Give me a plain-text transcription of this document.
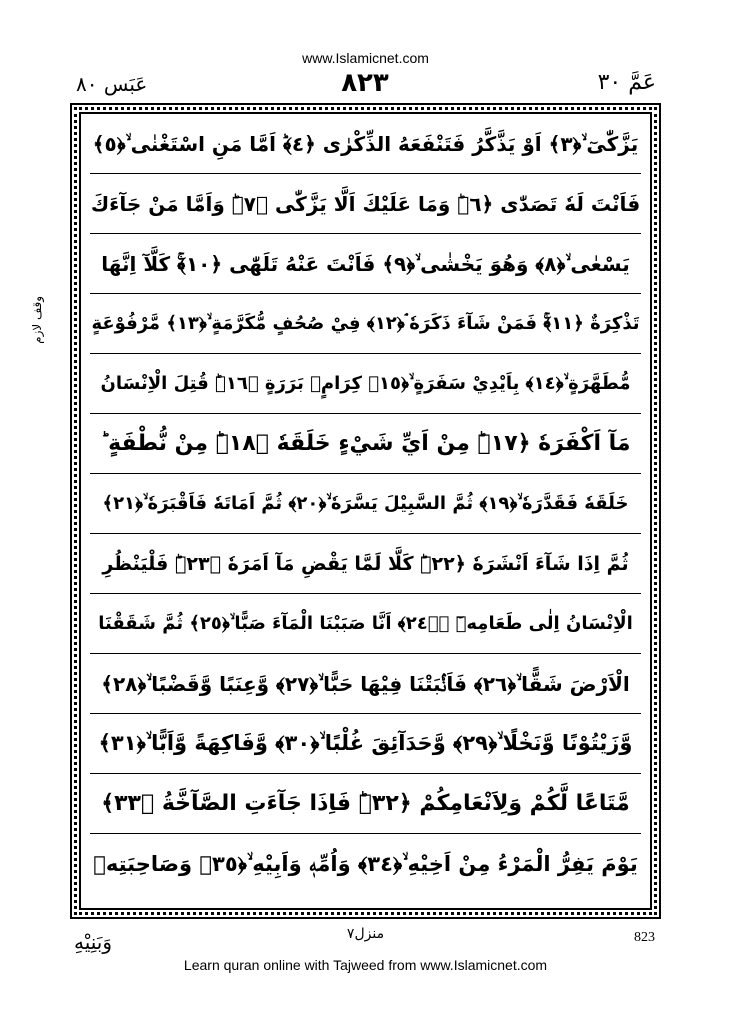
www.Islamicnet.com
عَبَس ٨٠	٨٢٣	عَمَّ ٣٠
وقف لازم
يَزَّكّٰىٓ ۙ﴿٣﴾ اَوْ يَذَّكَّرُ فَتَنْفَعَهُ الذِّكْرٰى ﴿٤﴾ؕ اَمَّا مَنِ اسْتَغْنٰى ۙ﴿٥﴾
فَاَنْتَ لَهٗ تَصَدّٰى ﴿٦﴾ؕ وَمَا عَلَيْكَ اَلَّا يَزَّكّٰى ﴿٧﴾ؕ وَاَمَّا مَنْ جَآءَكَ
يَسْعٰى ۙ﴿٨﴾ وَهُوَ يَخْشٰى ۙ﴿٩﴾ فَاَنْتَ عَنْهُ تَلَهّٰى ﴿١٠﴾ۚ كَلَّآ اِنَّهَا
تَذْكِرَةٌ ﴿١١﴾ۚ فَمَنْ شَآءَ ذَكَرَهٗ ۘ﴿١٢﴾ فِيْ صُحُفٍ مُّكَرَّمَةٍ ۙ﴿١٣﴾ مَّرْفُوْعَةٍ
مُّطَهَّرَةٍ ۙ﴿١٤﴾ بِاَيْدِيْ سَفَرَةٍ ۙ﴿١٥﴾ كِرَامٍۭ بَرَرَةٍ ﴿١٦﴾ؕ قُتِلَ الْاِنْسَانُ
مَآ اَكْفَرَهٗ ﴿١٧﴾ؕ مِنْ اَيِّ شَيْءٍ خَلَقَهٗ ﴿١٨﴾ؕ مِنْ نُّطْفَةٍ ؕ
خَلَقَهٗ فَقَدَّرَهٗ ۙ﴿١٩﴾ ثُمَّ السَّبِيْلَ يَسَّرَهٗ ۙ﴿٢٠﴾ ثُمَّ اَمَاتَهٗ فَاَقْبَرَهٗ ۙ﴿٢١﴾
ثُمَّ اِذَا شَآءَ اَنْشَرَهٗ ﴿٢٢﴾ؕ كَلَّا لَمَّا يَقْضِ مَآ اَمَرَهٗ ﴿٢٣﴾ؕ فَلْيَنْظُرِ
الْاِنْسَانُ اِلٰى طَعَامِهٖٓ ۙ﴿٢٤﴾ اَنَّا صَبَبْنَا الْمَآءَ صَبًّا ۙ﴿٢٥﴾ ثُمَّ شَقَقْنَا
الْاَرْضَ شَقًّا ۙ﴿٢٦﴾ فَاَنْۢبَتْنَا فِيْهَا حَبًّا ۙ﴿٢٧﴾ وَّعِنَبًا وَّقَضْبًا ۙ﴿٢٨﴾
وَّزَيْتُوْنًا وَّنَخْلًا ۙ﴿٢٩﴾ وَّحَدَآئِقَ غُلْبًا ۙ﴿٣٠﴾ وَّفَاكِهَةً وَّاَبًّا ۙ﴿٣١﴾
مَّتَاعًا لَّكُمْ وَلِاَنْعَامِكُمْ ﴿٣٢﴾ؕ فَاِذَا جَآءَتِ الصَّآخَّةُ ﴿٣٣﴾
يَوْمَ يَفِرُّ الْمَرْءُ مِنْ اَخِيْهِ ۙ﴿٣٤﴾ وَاُمِّهٖ وَاَبِيْهِ ۙ﴿٣٥﴾ وَصَاحِبَتِهٖ
وَبَنِيْهِ	منزل٧	823
Learn quran online with Tajweed from www.Islamicnet.com
